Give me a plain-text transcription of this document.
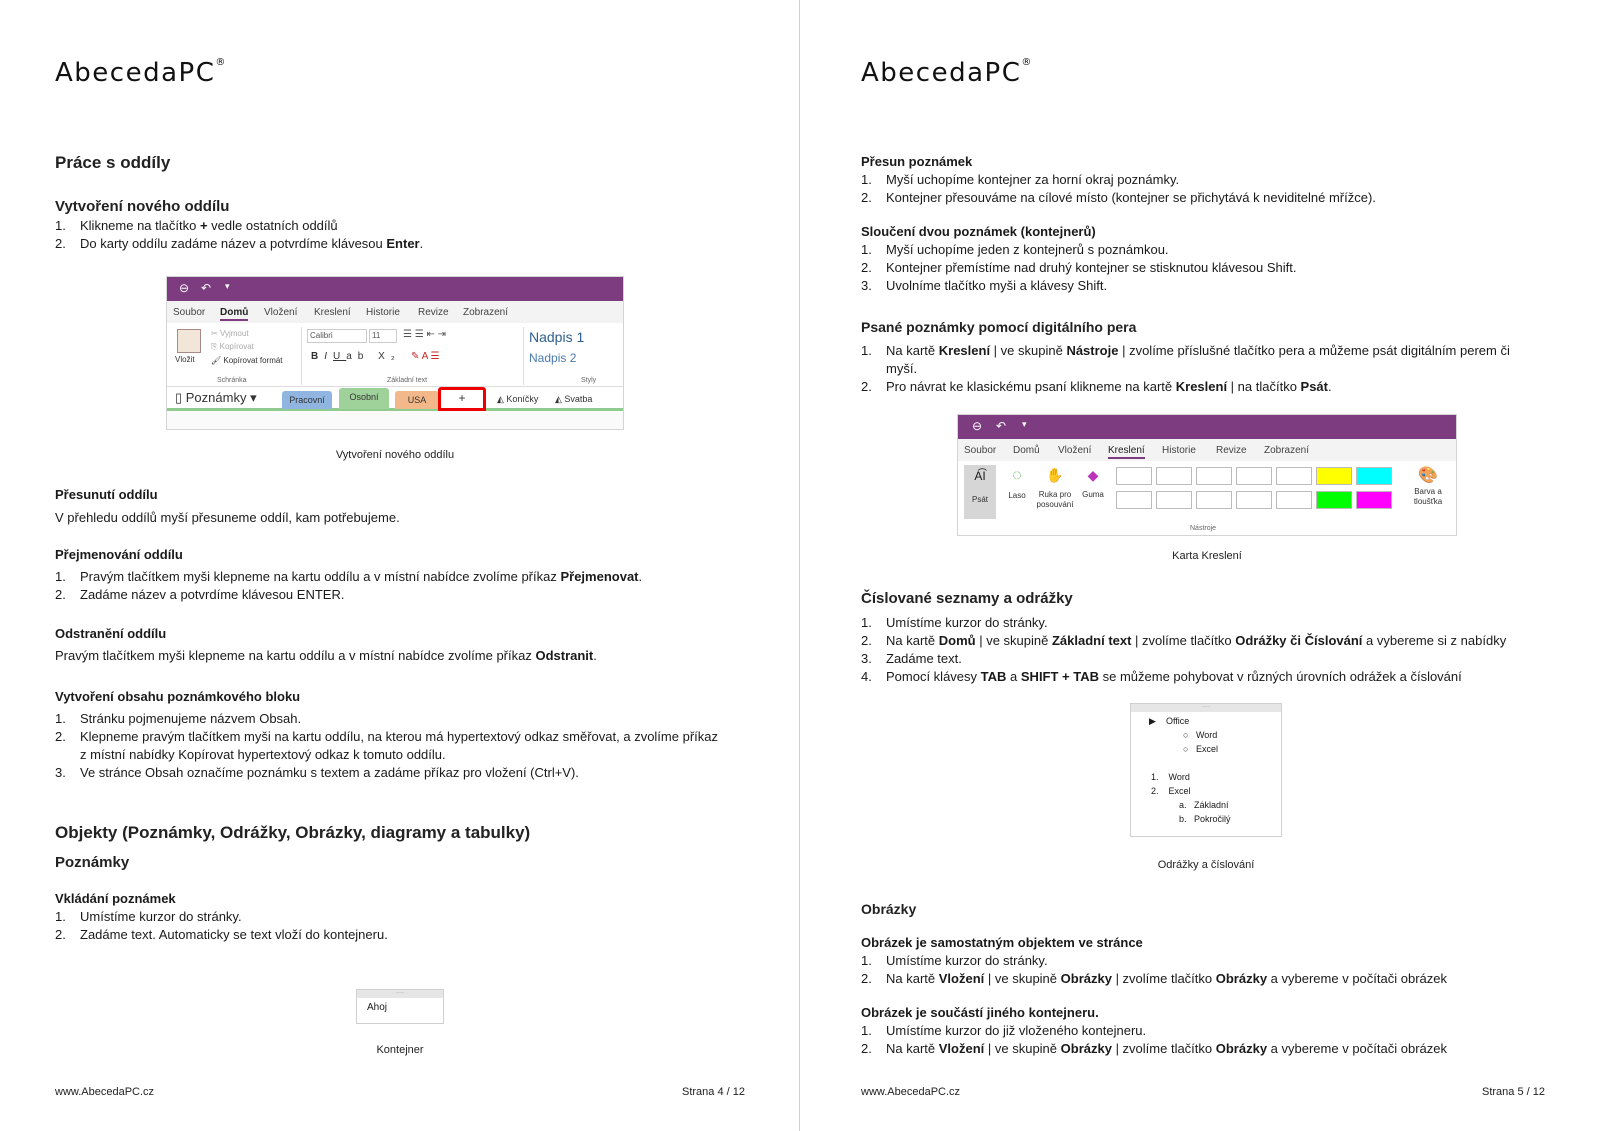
AbecedaPC®
Práce s oddíly
Vytvoření nového oddílu
1. Klikneme na tlačítko + vedle ostatních oddílů
2. Do karty oddílu zadáme název a potvrdíme klávesou Enter.
⊖ ↶ ▾
Soubor Domů Vložení Kreslení Historie Revize Zobrazení
Vložit
✂ Vyjmout
⎘ Kopírovat
🖌 Kopírovat formát
Schránka
Calibri	11	☰ ☰ ⇤ ⇥
BIUab X₂ ✎ A ☰
Základní text
Nadpis 1
Nadpis 2
Styly
▯ Poznámky ▾	Pracovní	Osobní	USA	+	◭ Koníčky ◭ Svatba
Vytvoření nového oddílu
Přesunutí oddílu

V přehledu oddílů myší přesuneme oddíl, kam potřebujeme.

Přejmenování oddílu
1. Pravým tlačítkem myši klepneme na kartu oddílu a v místní nabídce zvolíme příkaz Přejmenovat.
2. Zadáme název a potvrdíme klávesou ENTER.
Odstranění oddílu

Pravým tlačítkem myši klepneme na kartu oddílu a v místní nabídce zvolíme příkaz Odstranit.

Vytvoření obsahu poznámkového bloku
1. Stránku pojmenujeme názvem Obsah.
2. Klepneme pravým tlačítkem myši na kartu oddílu, na kterou má hypertextový odkaz směřovat, a zvolíme příkaz
z místní nabídky Kopírovat hypertextový odkaz k tomuto oddílu.
3. Ve stránce Obsah označíme poznámku s textem a zadáme příkaz pro vložení (Ctrl+V).
Objekty (Poznámky, Odrážky, Obrázky, diagramy a tabulky)
Poznámky
Vkládání poznámek
1. Umístíme kurzor do stránky.
2. Zadáme text. Automaticky se text vloží do kontejneru.
····
Ahoj
Kontejner
www.AbecedaPC.cz	Strana 4 / 12
AbecedaPC®
Přesun poznámek
1. Myší uchopíme kontejner za horní okraj poznámky.
2. Kontejner přesouváme na cílové místo (kontejner se přichytává k neviditelné mřížce).
Sloučení dvou poznámek (kontejnerů)
1. Myší uchopíme jeden z kontejnerů s poznámkou.
2. Kontejner přemístíme nad druhý kontejner se stisknutou klávesou Shift.
3. Uvolníme tlačítko myši a klávesy Shift.
Psané poznámky pomocí digitálního pera
1. Na kartě Kreslení | ve skupině Nástroje | zvolíme příslušné tlačítko pera a můžeme psát digitálním perem či
myší.
2. Pro návrat ke klasickému psaní klikneme na kartě Kreslení | na tlačítko Psát.
⊖ ↶ ▾
Soubor Domů Vložení Kreslení Historie Revize Zobrazení
A͡I
Psát
◌
Laso
✋
Ruka pro
posouvání
◆
Guma
🎨
Barva a
tloušťka
Nástroje
Karta Kreslení
Číslované seznamy a odrážky
1. Umístíme kurzor do stránky.
2. Na kartě Domů | ve skupině Základní text | zvolíme tlačítko Odrážky či Číslování a vybereme si z nabídky
3. Zadáme text.
4. Pomocí klávesy TAB a SHIFT + TAB se můžeme pohybovat v různých úrovních odrážek a číslování
····
▶    Office
○   Word
○   Excel
1. Word
2. Excel
a. Základní
b. Pokročilý
Odrážky a číslování
Obrázky
Obrázek je samostatným objektem ve stránce
1. Umístíme kurzor do stránky.
2. Na kartě Vložení | ve skupině Obrázky | zvolíme tlačítko Obrázky a vybereme v počítači obrázek
Obrázek je součástí jiného kontejneru.
1. Umístíme kurzor do již vloženého kontejneru.
2. Na kartě Vložení | ve skupině Obrázky | zvolíme tlačítko Obrázky a vybereme v počítači obrázek
www.AbecedaPC.cz	Strana 5 / 12
